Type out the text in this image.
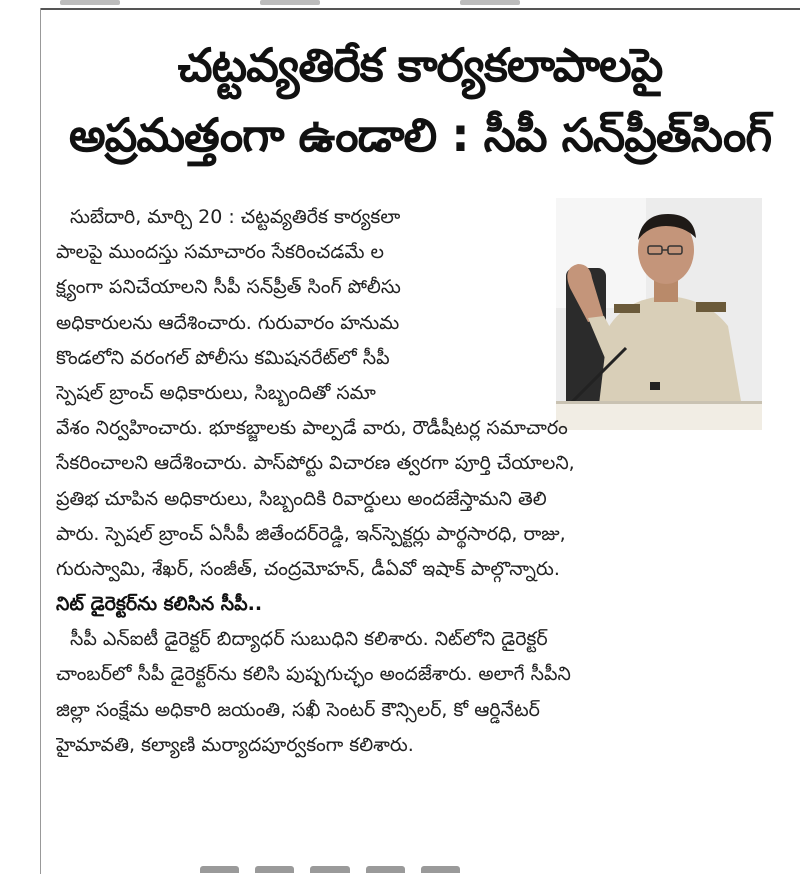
చట్టవ్యతిరేక కార్యకలాపాలపై
అప్రమత్తంగా ఉండాలి : సీపీ సన్‌ప్రీత్‌సింగ్
సుబేదారి, మార్చి 20 : చట్టవ్యతిరేక కార్యకలా
పాలపై ముందస్తు సమాచారం సేకరించడమే ల
క్ష్యంగా పనిచేయాలని సీపీ సన్‌ప్రీత్ సింగ్ పోలీసు
అధికారులను ఆదేశించారు. గురువారం హనుమ
కొండలోని వరంగల్ పోలీసు కమిషనరేట్‌లో సీపీ
స్పెషల్ బ్రాంచ్ అధికారులు, సిబ్బందితో సమా
వేశం నిర్వహించారు. భూకబ్జాలకు పాల్పడే వారు, రౌడీషీటర్ల సమాచారం
సేకరించాలని ఆదేశించారు. పాస్‌పోర్టు విచారణ త్వరగా పూర్తి చేయాలని,
ప్రతిభ చూపిన అధికారులు, సిబ్బందికి రివార్డులు అందజేస్తామని తెలి
పారు. స్పెషల్ బ్రాంచ్ ఏసీపీ జితేందర్‌రెడ్డి, ఇన్‌స్పెక్టర్లు పార్థసారధి, రాజు,
గురుస్వామి, శేఖర్, సంజీత్, చంద్రమోహన్, డీఏవో ఇషాక్ పాల్గొన్నారు.
నిట్ డైరెక్టర్‌ను కలిసిన సీపీ..
సీపీ ఎన్‌ఐటీ డైరెక్టర్ బిద్యాధర్ సుబుధిని కలిశారు. నిట్‌లోని డైరెక్టర్
చాంబర్‌లో సీపీ డైరెక్టర్‌ను కలిసి పుష్పగుచ్ఛం అందజేశారు. అలాగే సీపీని
జిల్లా సంక్షేమ అధికారి జయంతి, సఖీ సెంటర్ కౌన్సిలర్, కో ఆర్డినేటర్
హైమావతి, కల్యాణి మర్యాదపూర్వకంగా కలిశారు.
